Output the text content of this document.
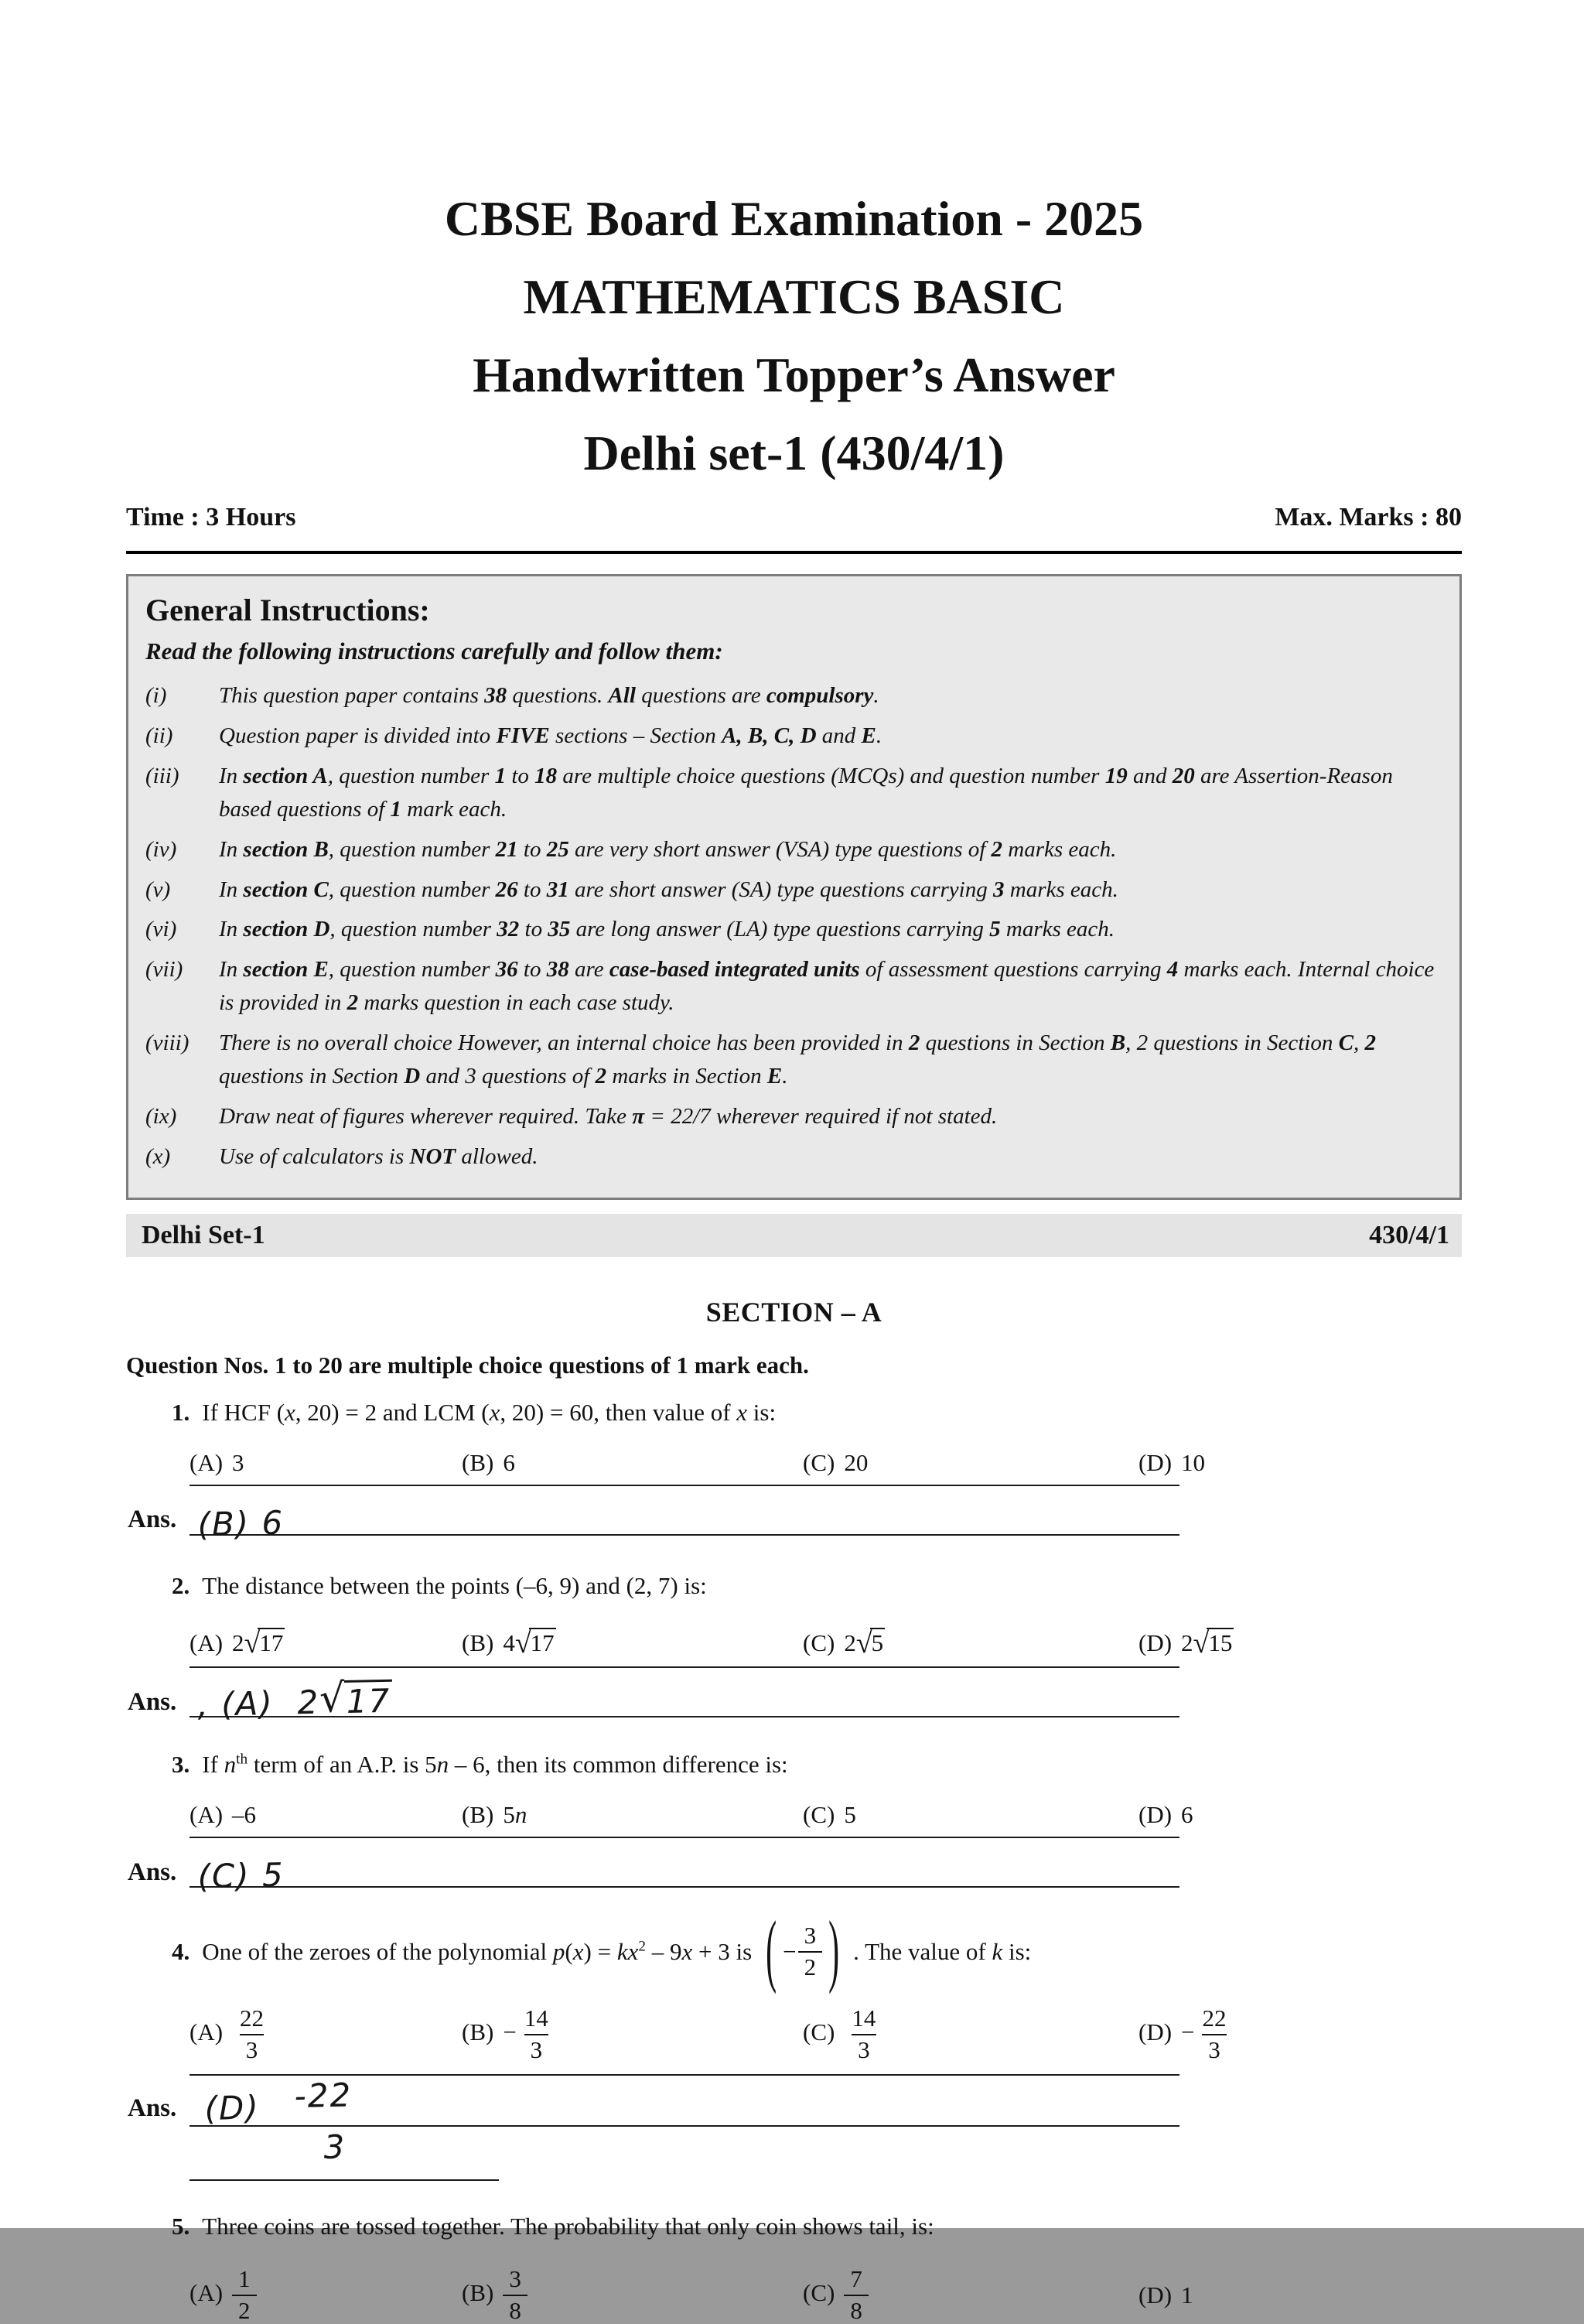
CBSE Board Examination - 2025
MATHEMATICS BASIC
Handwritten Topper’s Answer
Delhi set-1 (430/4/1)
Time : 3 Hours	Max. Marks : 80
General Instructions:
Read the following instructions carefully and follow them:
(i)	This question paper contains 38 questions. All questions are compulsory.
(ii)	Question paper is divided into FIVE sections – Section A, B, C, D and E.
(iii)	In section A, question number 1 to 18 are multiple choice questions (MCQs) and question number 19 and 20 are Assertion-Reason based questions of 1 mark each.
(iv)	In section B, question number 21 to 25 are very short answer (VSA) type questions of 2 marks each.
(v)	In section C, question number 26 to 31 are short answer (SA) type questions carrying 3 marks each.
(vi)	In section D, question number 32 to 35 are long answer (LA) type questions carrying 5 marks each.
(vii)	In section E, question number 36 to 38 are case-based integrated units of assessment questions carrying 4 marks each. Internal choice is provided in 2 marks question in each case study.
(viii)	There is no overall choice However, an internal choice has been provided in 2 questions in Section B, 2 questions in Section C, 2 questions in Section D and 3 questions of 2 marks in Section E.
(ix)	Draw neat of figures wherever required. Take π = 22/7 wherever required if not stated.
(x)	Use of calculators is NOT allowed.
Delhi Set-1	430/4/1
SECTION – A
Question Nos. 1 to 20 are multiple choice questions of 1 mark each.
1. If HCF (x, 20) = 2 and LCM (x, 20) = 60, then value of x is:
(A) 3	(B) 6	(C) 20	(D) 10
Ans. (B) 6
2. The distance between the points (–6, 9) and (2, 7) is:
(A) 2√17	(B) 4√17	(C) 2√5	(D) 2√15
Ans. , (A) 2√17
3. If $n^{th}$ term of an A.P. is 5n – 6, then its common difference is:
(A) –6	(B) 5n	(C) 5	(D) 6
Ans. (C) 5
4. One of the zeroes of the polynomial $p(x) = kx^2 - 9x + 3$ is ( − $\frac{3}{2}$ ) . The value of k is:
$(A) \frac{22}{3}$	$(B) - \frac{14}{3}$	$(C) \frac{14}{3}$	$(D) - \frac{22}{3}$
Ans. (D) -22
3
5. Three coins are tossed together. The probability that only coin shows tail, is:
$(A) \frac{1}{2}$	$(B) \frac{3}{8}$	$(C) \frac{7}{8}$	(D) 1
